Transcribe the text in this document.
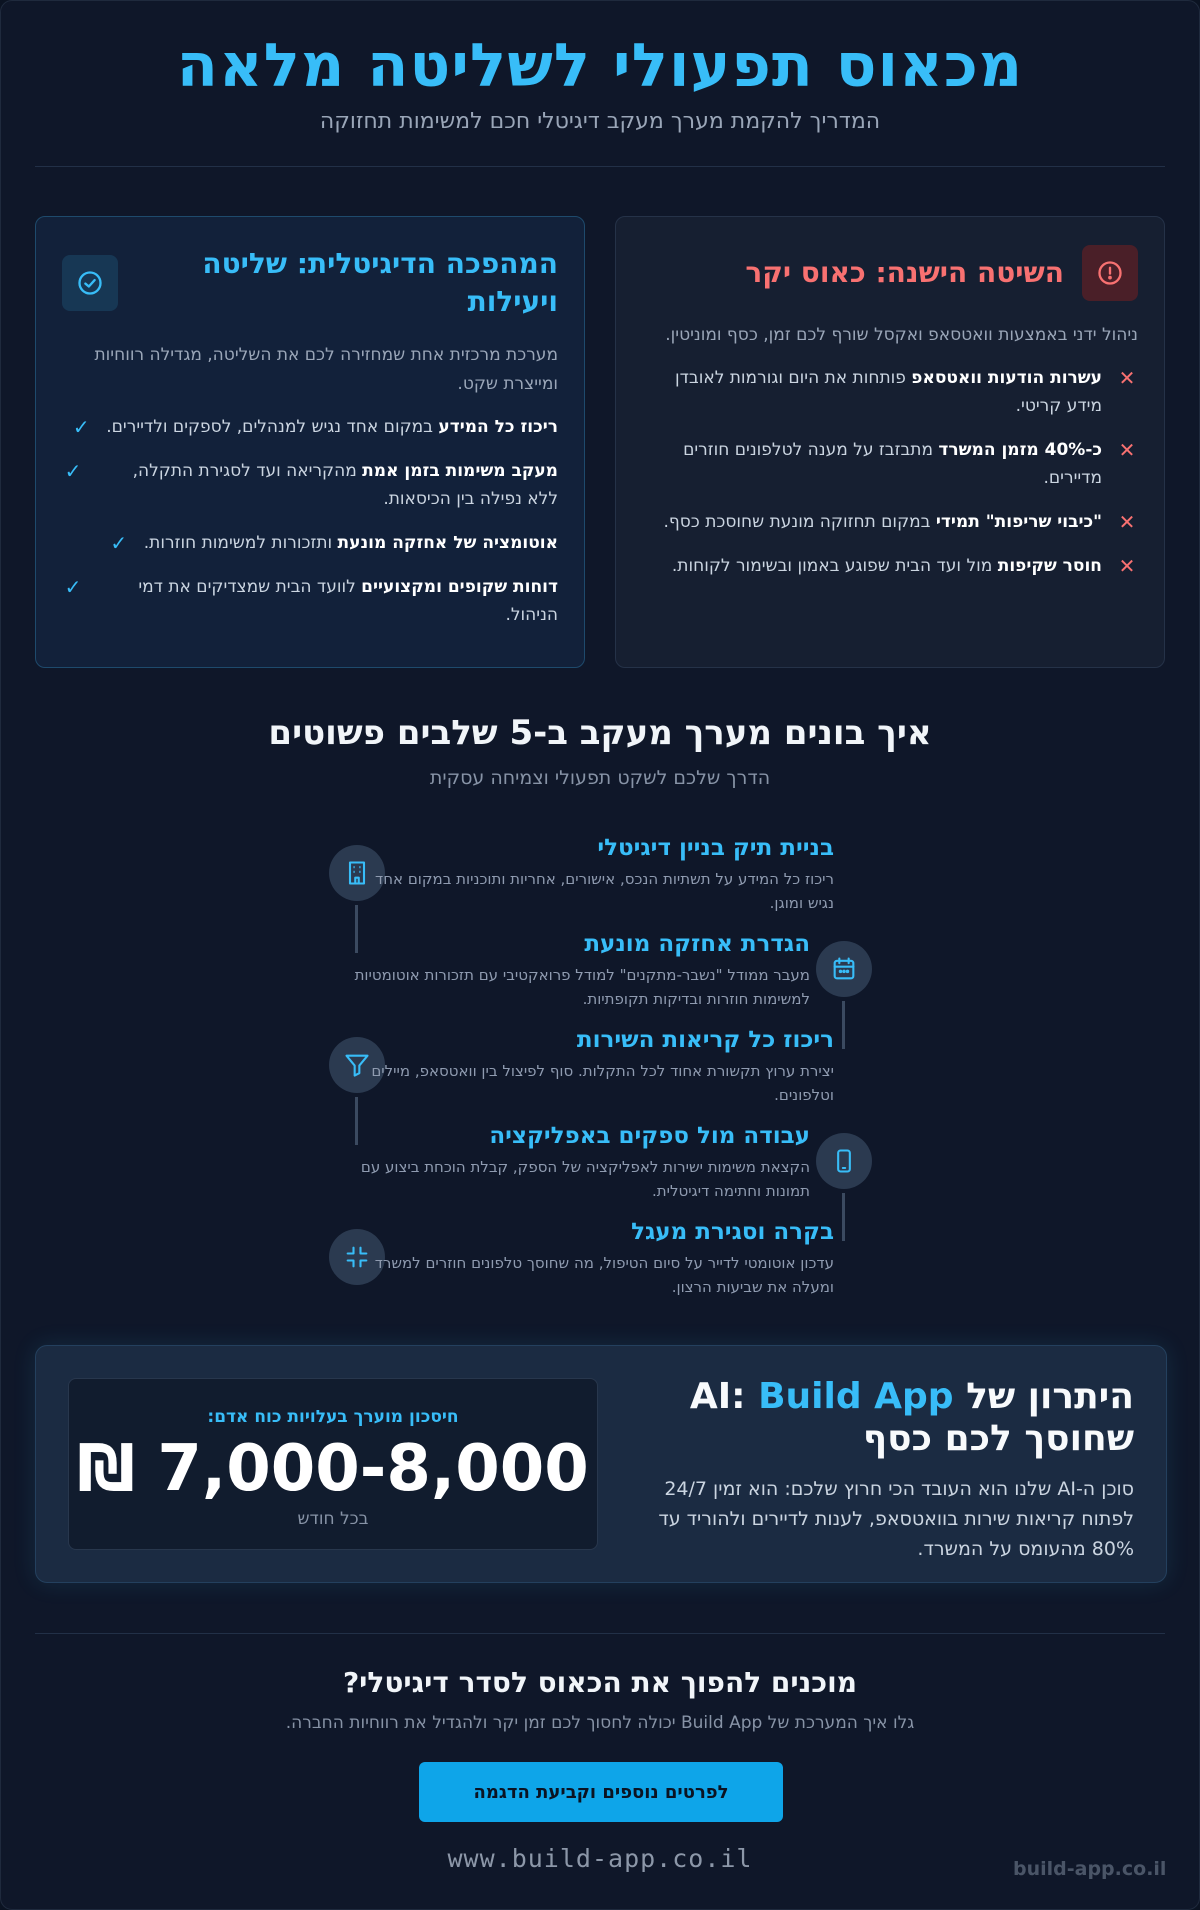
מכאוס תפעולי לשליטה מלאה

המדריך להקמת מערך מעקב דיגיטלי חכם למשימות תחזוקה

השיטה הישנה: כאוס יקר

ניהול ידני באמצעות וואטסאפ ואקסל שורף לכם זמן, כסף ומוניטין.

✕
עשרות הודעות וואטסאפ פותחות את היום וגורמות לאובדן מידע קריטי.
✕
כ-40% מזמן המשרד מתבזבז על מענה לטלפונים חוזרים מדיירים.
✕
"כיבוי שריפות" תמידי במקום תחזוקה מונעת שחוסכת כסף.
✕
חוסר שקיפות מול ועד הבית שפוגע באמון ובשימור לקוחות.
המהפכה הדיגיטלית: שליטה ויעילות

מערכת מרכזית אחת שמחזירה לכם את השליטה, מגדילה רווחיות ומייצרת שקט.

ריכוז כל המידע במקום אחד נגיש למנהלים, לספקים ולדיירים.
✓
מעקב משימות בזמן אמת מהקריאה ועד לסגירת התקלה, ללא נפילה בין הכיסאות.
✓
אוטומציה של אחזקה מונעת ותזכורות למשימות חוזרות.
✓
דוחות שקופים ומקצועיים לוועד הבית שמצדיקים את דמי הניהול.
✓
איך בונים מערך מעקב ב-5 שלבים פשוטים

הדרך שלכם לשקט תפעולי וצמיחה עסקית

בניית תיק בניין דיגיטלי
ריכוז כל המידע על תשתיות הנכס, אישורים, אחריות ותוכניות במקום אחד נגיש ומוגן.
הגדרת אחזקה מונעת
מעבר ממודל "נשבר-מתקנים" למודל פרואקטיבי עם תזכורות אוטומטיות למשימות חוזרות ובדיקות תקופתיות.
ריכוז כל קריאות השירות
יצירת ערוץ תקשורת אחוד לכל התקלות. סוף לפיצול בין וואטסאפ, מיילים וטלפונים.
עבודה מול ספקים באפליקציה
הקצאת משימות ישירות לאפליקציה של הספק, קבלת הוכחת ביצוע עם תמונות וחתימה דיגיטלית.
בקרה וסגירת מעגל
עדכון אוטומטי לדייר על סיום הטיפול, מה שחוסך טלפונים חוזרים למשרד ומעלה את שביעות הרצון.
היתרון של AI: Build App
שחוסך לכם כסף

סוכן ה-AI שלנו הוא העובד הכי חרוץ שלכם: הוא זמין 24/7 לפתוח קריאות שירות בוואטסאפ, לענות לדיירים ולהוריד עד 80% מהעומס על המשרד.

חיסכון מוערך בעלויות כוח אדם:
₪ 7,000-8,000
בכל חודש
מוכנים להפוך את הכאוס לסדר דיגיטלי?

גלו איך המערכת של Build App יכולה לחסוך לכם זמן יקר ולהגדיל את רווחיות החברה.

לפרטים נוספים וקביעת הדגמה
www.build-app.co.il	build-app.co.il
